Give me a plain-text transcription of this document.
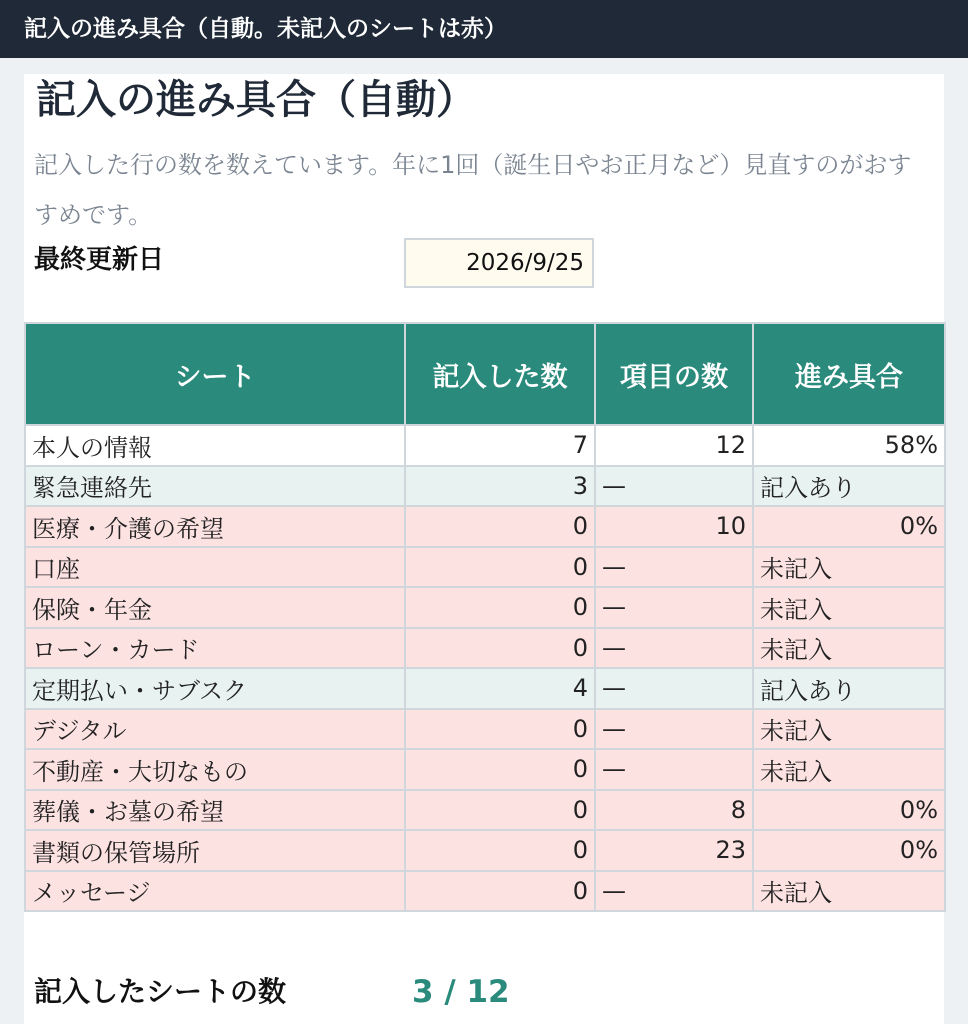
記入の進み具合（自動。未記入のシートは赤）
記入の進み具合（自動）
記入した行の数を数えています。年に1回（誕生日やお正月など）見直すのがおすすめです。
最終更新日	2026/9/25
シート	記入した数	項目の数	進み具合
本人の情報	7	12	58%
緊急連絡先	3	—	記入あり
医療・介護の希望	0	10	0%
口座	0	—	未記入
保険・年金	0	—	未記入
ローン・カード	0	—	未記入
定期払い・サブスク	4	—	記入あり
デジタル	0	—	未記入
不動産・大切なもの	0	—	未記入
葬儀・お墓の希望	0	8	0%
書類の保管場所	0	23	0%
メッセージ	0	—	未記入
記入したシートの数	3 / 12
